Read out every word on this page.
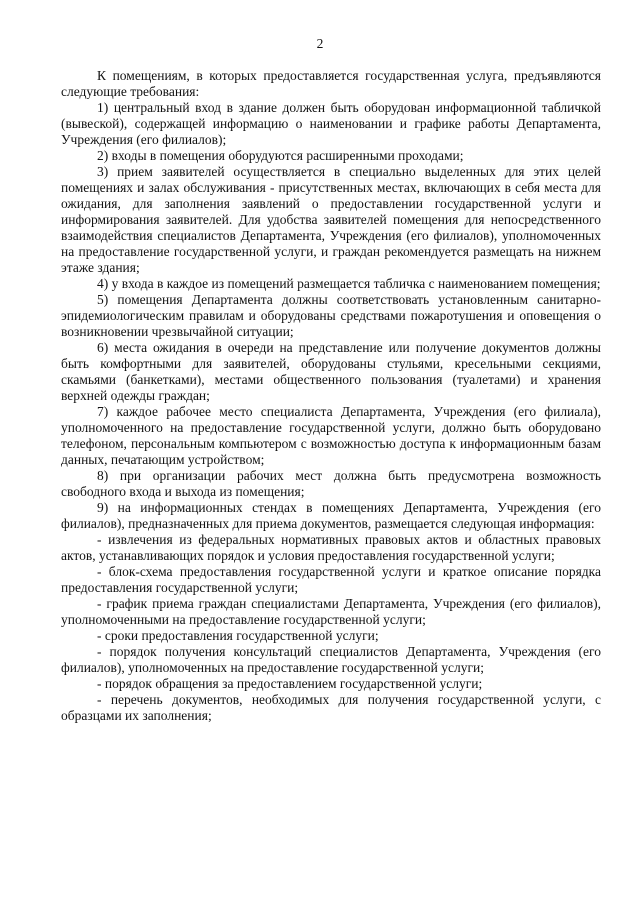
2

К помещениям, в которых предоставляется государственная услуга, предъявляются следующие требования:

1) центральный вход в здание должен быть оборудован информационной табличкой (вывеской), содержащей информацию о наименовании и графике работы Департамента, Учреждения (его филиалов);

2) входы в помещения оборудуются расширенными проходами;

3) прием заявителей осуществляется в специально выделенных для этих целей помещениях и залах обслуживания - присутственных местах, включающих в себя места для ожидания, для заполнения заявлений о предоставлении государственной услуги и информирования заявителей. Для удобства заявителей помещения для непосредственного взаимодействия специалистов Департамента, Учреждения (его филиалов), уполномоченных на предоставление государственной услуги, и граждан рекомендуется размещать на нижнем этаже здания;

4) у входа в каждое из помещений размещается табличка с наименованием помещения;

5) помещения Департамента должны соответствовать установленным санитарно-эпидемиологическим правилам и оборудованы средствами пожаротушения и оповещения о возникновении чрезвычайной ситуации;

6) места ожидания в очереди на представление или получение документов должны быть комфортными для заявителей, оборудованы стульями, кресельными секциями, скамьями (банкетками), местами общественного пользования (туалетами) и хранения верхней одежды граждан;

7) каждое рабочее место специалиста Департамента, Учреждения (его филиала), уполномоченного на предоставление государственной услуги, должно быть оборудовано телефоном, персональным компьютером с возможностью доступа к информационным базам данных, печатающим устройством;

8) при организации рабочих мест должна быть предусмотрена возможность свободного входа и выхода из помещения;

9) на информационных стендах в помещениях Департамента, Учреждения (его филиалов), предназначенных для приема документов, размещается следующая информация:

- извлечения из федеральных нормативных правовых актов и областных правовых актов, устанавливающих порядок и условия предоставления государственной услуги;

- блок-схема предоставления государственной услуги и краткое описание порядка предоставления государственной услуги;

- график приема граждан специалистами Департамента, Учреждения (его филиалов), уполномоченными на предоставление государственной услуги;

- сроки предоставления государственной услуги;

- порядок получения консультаций специалистов Департамента, Учреждения (его филиалов), уполномоченных на предоставление государственной услуги;

- порядок обращения за предоставлением государственной услуги;

- перечень документов, необходимых для получения государственной услуги, с образцами их заполнения;
